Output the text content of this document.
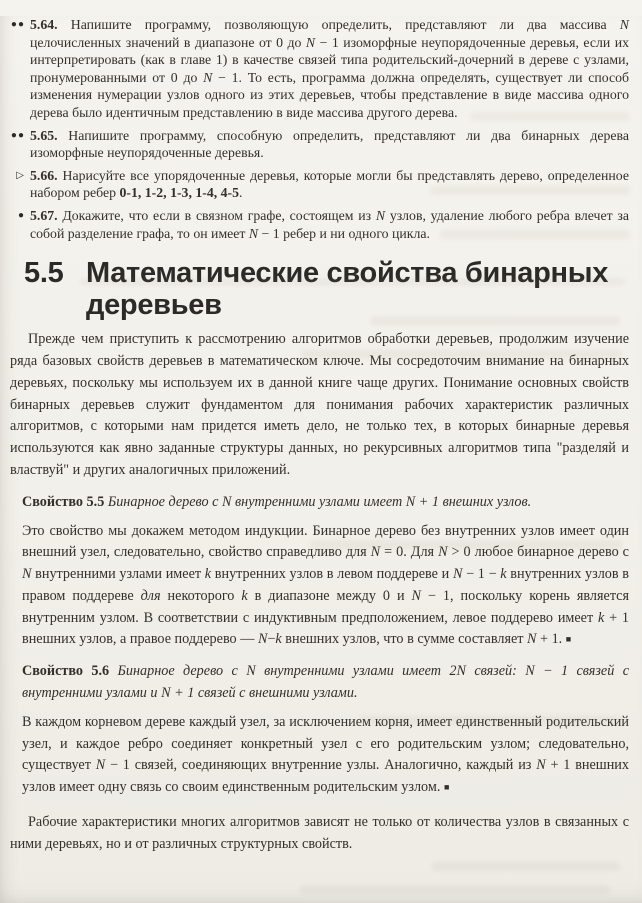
●● 5.64. Напишите программу, позволяющую определить, представляют ли два массива N целочисленных значений в диапазоне от 0 до N − 1 изоморфные неупорядоченные деревья, если их интерпретировать (как в главе 1) в качестве связей типа родительский-дочерний в дереве с узлами, пронумерованными от 0 до N − 1. То есть, программа должна определять, существует ли способ изменения нумерации узлов одного из этих деревьев, чтобы представление в виде массива одного дерева было идентичным представлению в виде массива другого дерева.

●● 5.65. Напишите программу, способную определить, представляют ли два бинарных дерева изоморфные неупорядоченные деревья.

▷ 5.66. Нарисуйте все упорядоченные деревья, которые могли бы представлять дерево, определенное набором ребер 0-1, 1-2, 1-3, 1-4, 4-5.

● 5.67. Докажите, что если в связном графе, состоящем из N узлов, удаление любого ребра влечет за собой разделение графа, то он имеет N − 1 ребер и ни одного цикла.

5.5 Математические свойства бинарных
деревьев

Прежде чем приступить к рассмотрению алгоритмов обработки деревьев, продолжим изучение ряда базовых свойств деревьев в математическом ключе. Мы сосредоточим внимание на бинарных деревьях, поскольку мы используем их в данной книге чаще других. Понимание основных свойств бинарных деревьев служит фундаментом для понимания рабочих характеристик различных алгоритмов, с которыми нам придется иметь дело, не только тех, в которых бинарные деревья используются как явно заданные структуры данных, но рекурсивных алгоритмов типа "разделяй и властвуй" и других аналогичных приложений.

Свойство 5.5 Бинарное дерево с N внутренними узлами имеет N + 1 внешних узлов.

Это свойство мы докажем методом индукции. Бинарное дерево без внутренних узлов имеет один внешний узел, следовательно, свойство справедливо для N = 0. Для N > 0 любое бинарное дерево с N внутренними узлами имеет k внутренних узлов в левом поддереве и N − 1 − k внутренних узлов в правом поддереве для некоторого k в диапазоне между 0 и N − 1, поскольку корень является внутренним узлом. В соответствии с индуктивным предположением, левое поддерево имеет k + 1 внешних узлов, а правое поддерево — N−k внешних узлов, что в сумме составляет N + 1. ■

Свойство 5.6 Бинарное дерево с N внутренними узлами имеет 2N связей: N − 1 связей с внутренними узлами и N + 1 связей с внешними узлами.

В каждом корневом дереве каждый узел, за исключением корня, имеет единственный родительский узел, и каждое ребро соединяет конкретный узел с его родительским узлом; следовательно, существует N − 1 связей, соединяющих внутренние узлы. Аналогично, каждый из N + 1 внешних узлов имеет одну связь со своим единственным родительским узлом. ■

Рабочие характеристики многих алгоритмов зависят не только от количества узлов в связанных с ними деревьях, но и от различных структурных свойств.
